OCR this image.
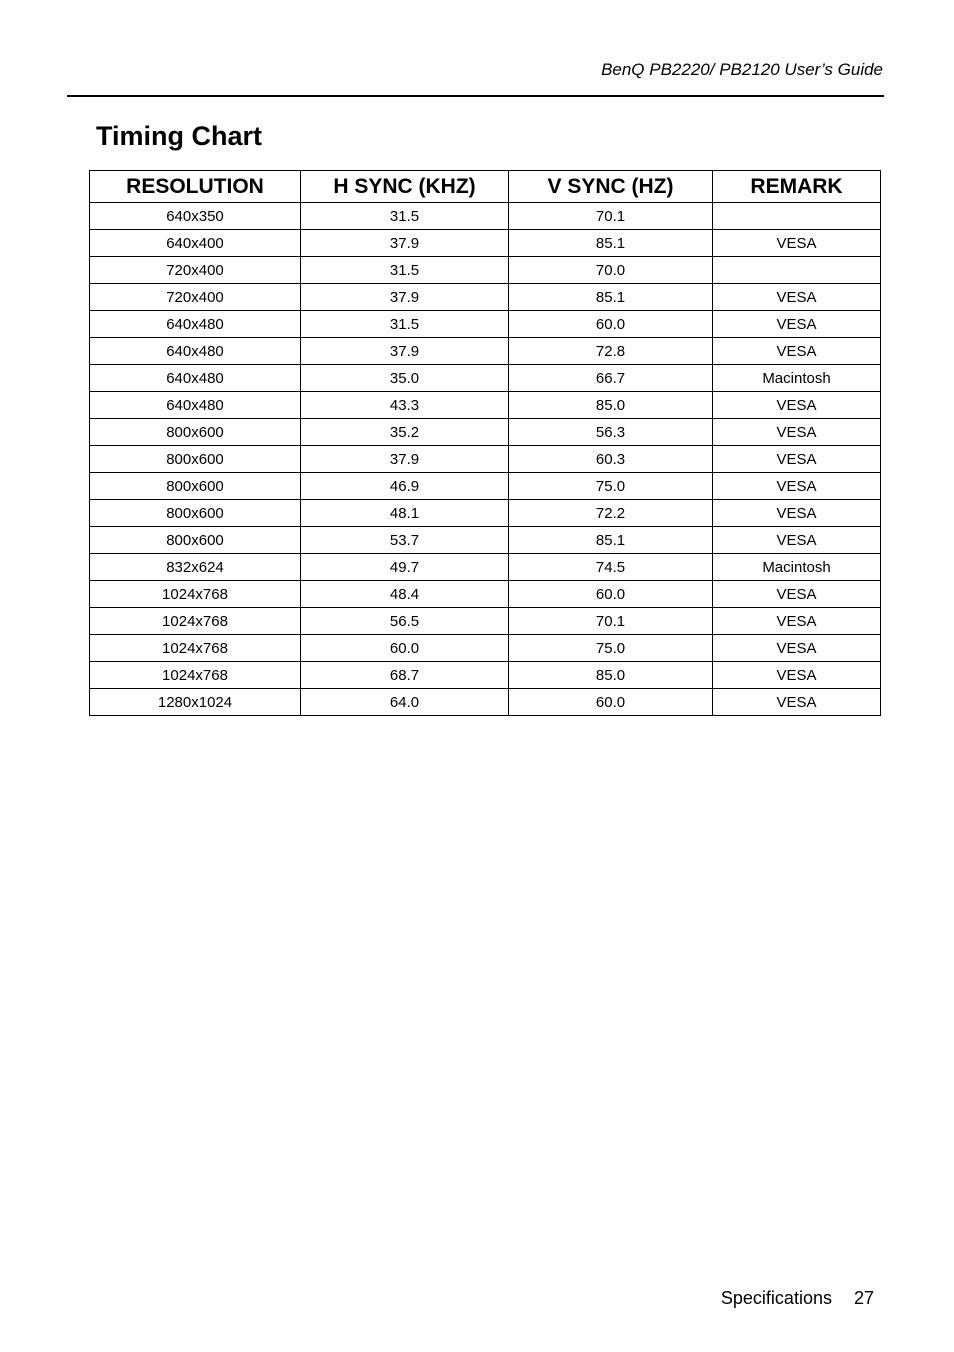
BenQ PB2220/ PB2120 User’s Guide
Timing Chart
RESOLUTION	H SYNC (KHZ)	V SYNC (HZ)	REMARK
640x350	31.5	70.1	
640x400	37.9	85.1	VESA
720x400	31.5	70.0	
720x400	37.9	85.1	VESA
640x480	31.5	60.0	VESA
640x480	37.9	72.8	VESA
640x480	35.0	66.7	Macintosh
640x480	43.3	85.0	VESA
800x600	35.2	56.3	VESA
800x600	37.9	60.3	VESA
800x600	46.9	75.0	VESA
800x600	48.1	72.2	VESA
800x600	53.7	85.1	VESA
832x624	49.7	74.5	Macintosh
1024x768	48.4	60.0	VESA
1024x768	56.5	70.1	VESA
1024x768	60.0	75.0	VESA
1024x768	68.7	85.0	VESA
1280x1024	64.0	60.0	VESA
Specifications 27
